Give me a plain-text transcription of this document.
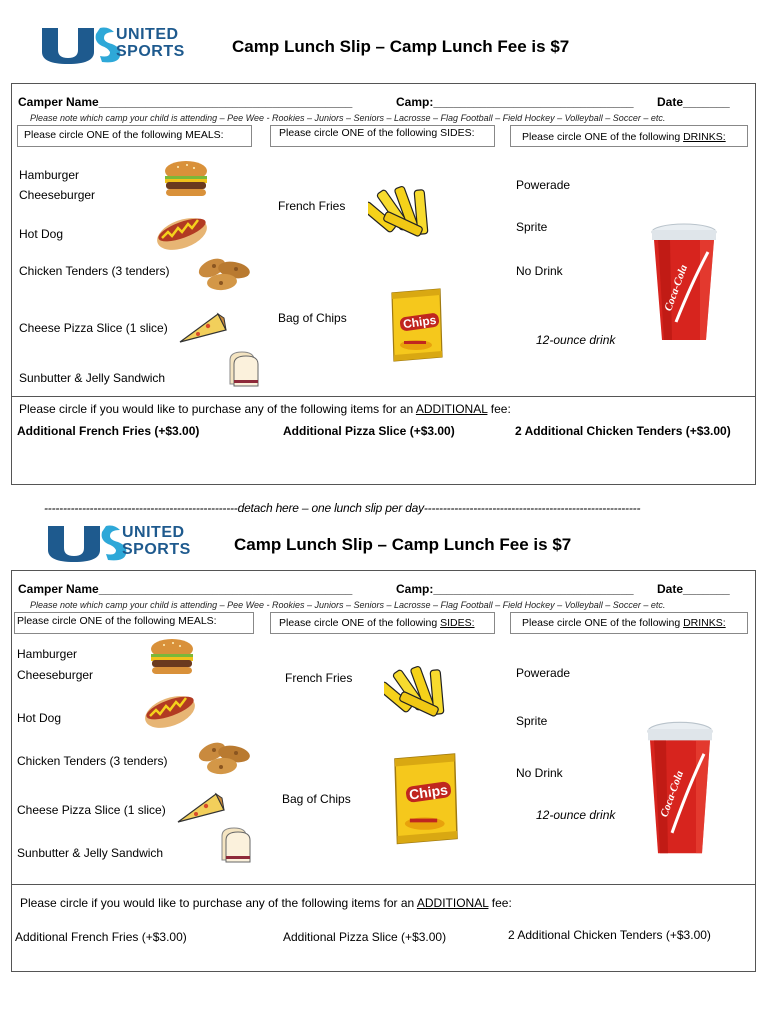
UNITED
SPORTS	Camp Lunch Slip – Camp Lunch Fee is $7
Camper Name______________________________________	Camp:______________________________ Date_______
Please note which camp your child is attending – Pee Wee - Rookies – Juniors – Seniors – Lacrosse – Flag Football – Field Hockey – Volleyball – Soccer – etc.
Please circle ONE of the following MEALS:	Please circle ONE of the following SIDES:	Please circle ONE of the following DRINKS:
Hamburger
Cheeseburger
Hot Dog
Chicken Tenders (3 tenders)
Cheese Pizza Slice (1 slice)
Sunbutter & Jelly Sandwich
French Fries
Bag of Chips	Chips
Powerade
Sprite
No Drink
12-ounce drink
Coca-Cola
Please circle if you would like to purchase any of the following items for an ADDITIONAL fee:
Additional French Fries (+$3.00)	Additional Pizza Slice (+$3.00)	2 Additional Chicken Tenders (+$3.00)
---------------------------------------------------detach here – one lunch slip per day---------------------------------------------------------
UNITED
SPORTS	Camp Lunch Slip – Camp Lunch Fee is $7
Camper Name______________________________________	Camp:______________________________ Date_______
Please note which camp your child is attending – Pee Wee - Rookies – Juniors – Seniors – Lacrosse – Flag Football – Field Hockey – Volleyball – Soccer – etc.
Please circle ONE of the following MEALS:	Please circle ONE of the following SIDES:	Please circle ONE of the following DRINKS:
Hamburger
Cheeseburger
Hot Dog
Chicken Tenders (3 tenders)
Cheese Pizza Slice (1 slice)
Sunbutter & Jelly Sandwich
French Fries
Bag of Chips	Chips
Powerade
Sprite
No Drink
12-ounce drink	Coca-Cola
Please circle if you would like to purchase any of the following items for an ADDITIONAL fee:
Additional French Fries (+$3.00)	Additional Pizza Slice (+$3.00)	2 Additional Chicken Tenders (+$3.00)
